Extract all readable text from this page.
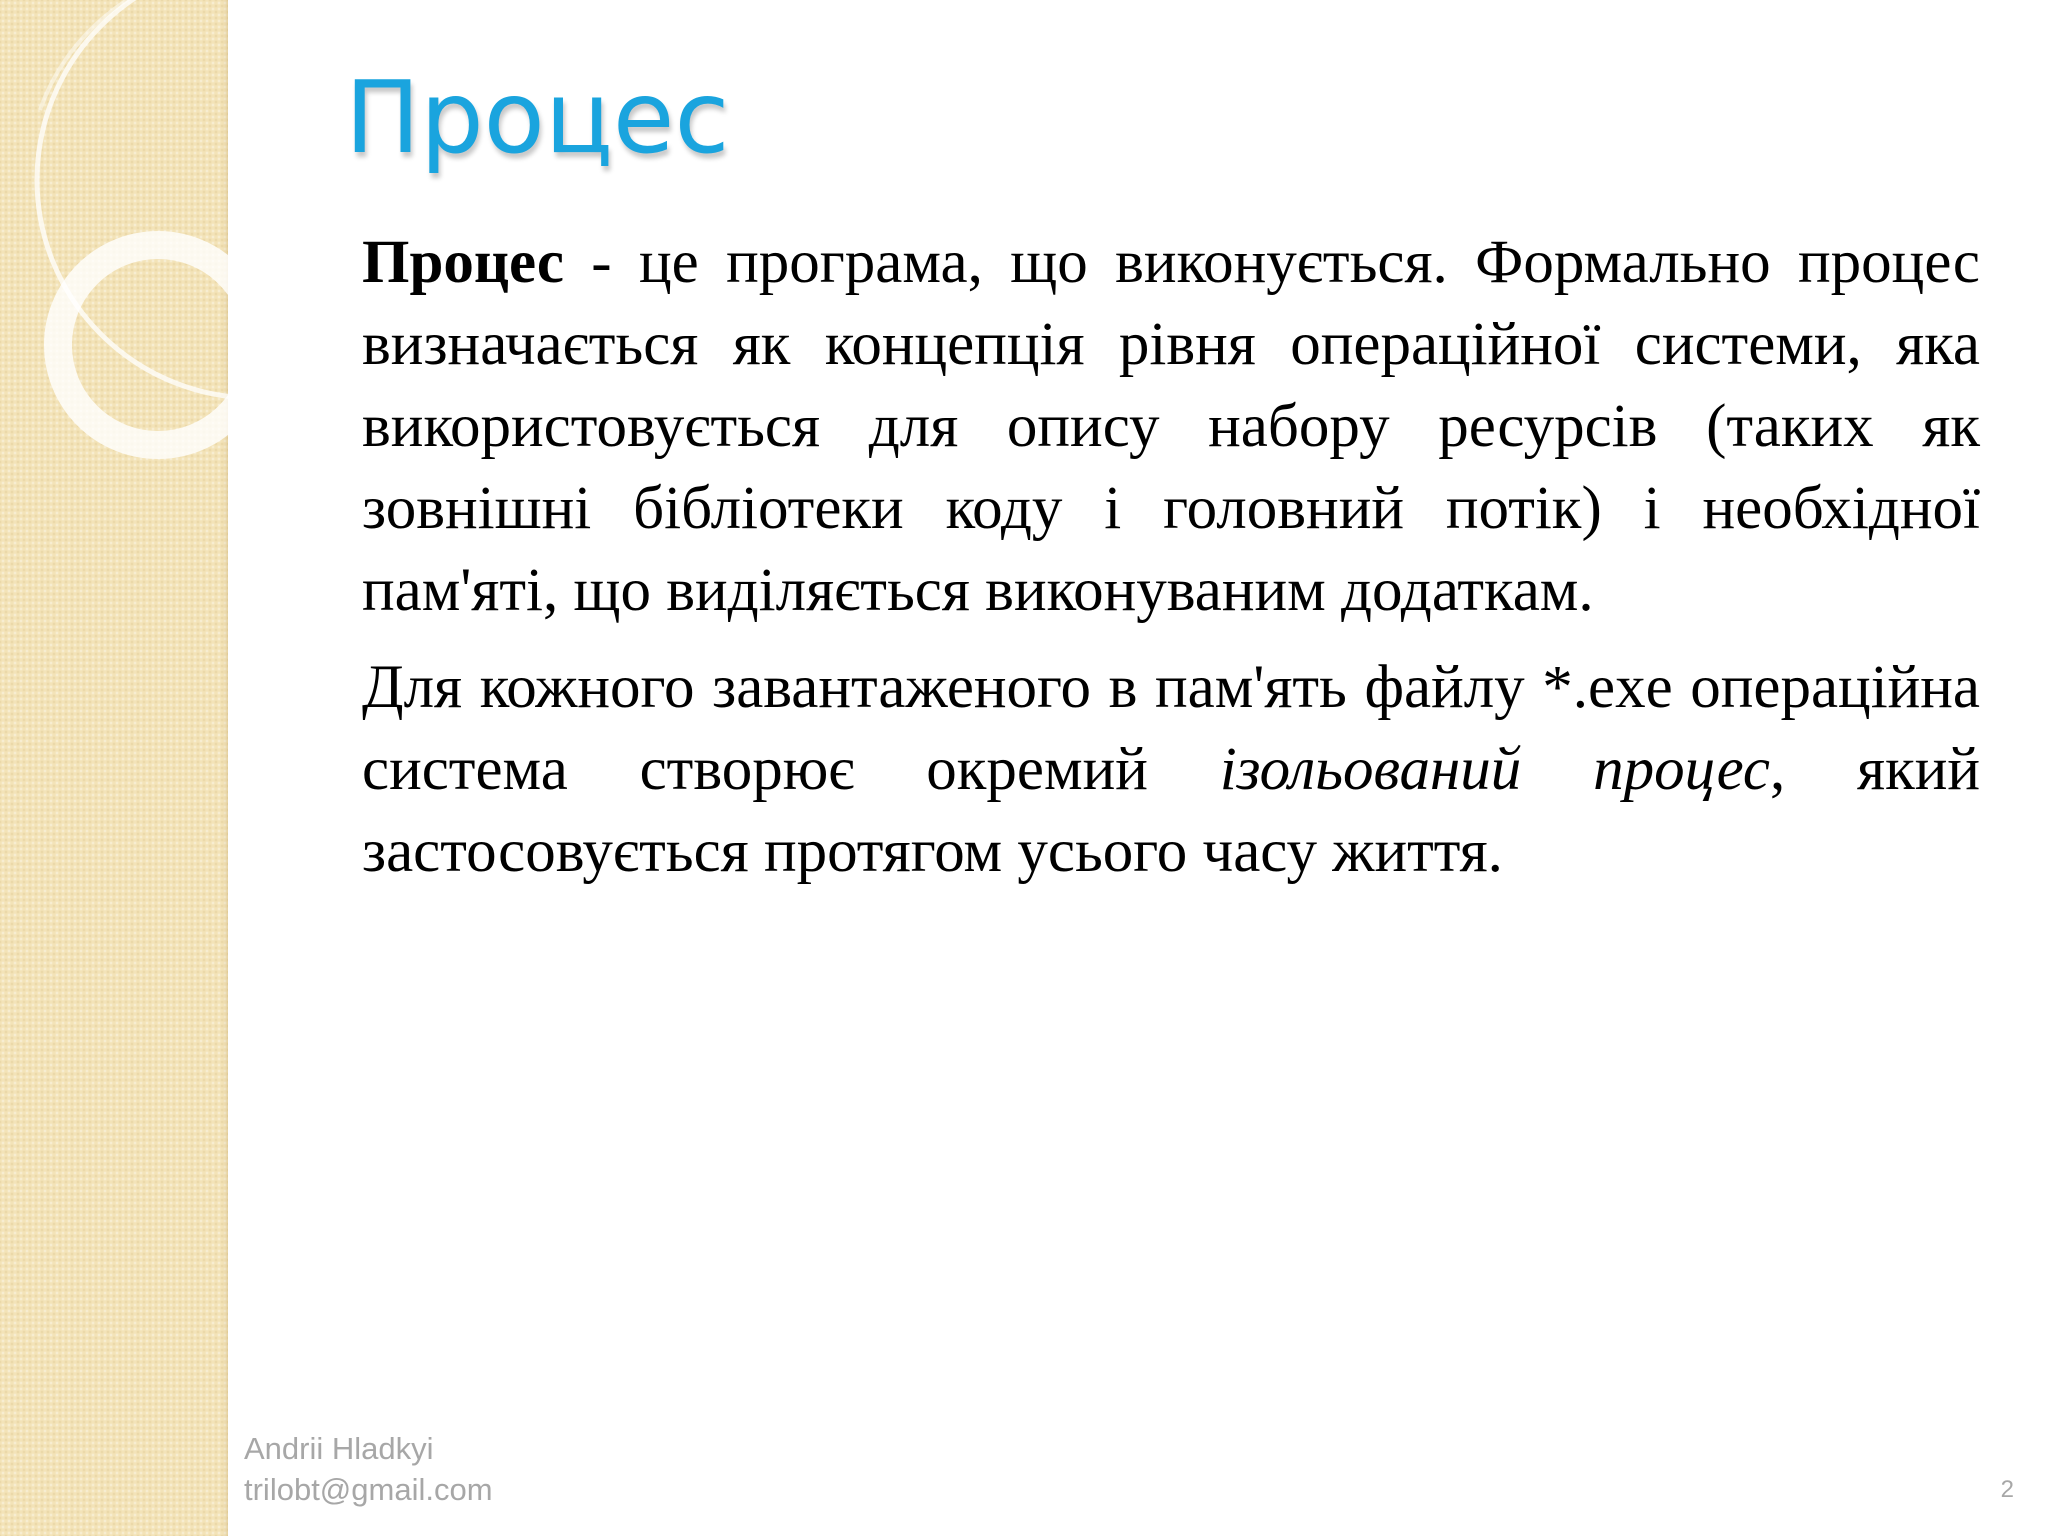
Процес

Процес - це програма, що виконується. Формально процес визначається як концепція рівня операційної системи, яка використовується для опису набору ресурсів (таких як зовнішні бібліотеки коду і головний потік) і необхідної пам'яті, що виділяється виконуваним додаткам.

Для кожного завантаженого в пам'ять файлу *.exe операційна система створює окремий ізольований процес, який застосовується протягом усього часу життя.

Andrii Hladkyi
trilobt@gmail.com	2
